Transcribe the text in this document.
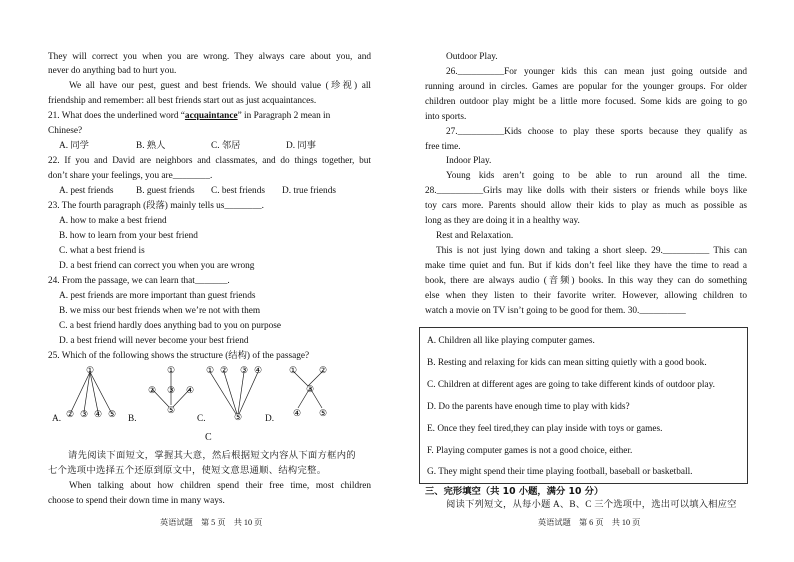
They will correct you when you are wrong. They always care about you, and
never do anything bad to hurt you.
We all have our pest, guest and best friends. We should value (珍视) all
friendship and remember: all best friends start out as just acquaintances.
21. What does the underlined word “acquaintance” in Paragraph 2 mean in
Chinese?
A. 同学	B. 熟人	C. 邻居	D. 同事
22. If you and David are neighbors and classmates, and do things together, but
don’t share your feelings, you are________.
A. pest friends B. guest friends C. best friends D. true friends
23. The fourth paragraph (段落) mainly tells us________.
A. how to make a best friend
B. how to learn from your best friend
C. what a best friend is
D. a best friend can correct you when you are wrong
24. From the passage, we can learn that_______.
A. pest friends are more important than guest friends
B. we miss our best friends when we’re not with them
C. a best friend hardly does anything bad to you on purpose
D. a best friend will never become your best friend
25. Which of the following shows the structure (结构) of the passage?
①
② ③ ④ ⑤
①
② ③ ④
⑤
① ② ③ ④
⑤
① ②
③
④ ⑤
A.	B.	C.	D.
C
请先阅读下面短文，掌握其大意，然后根据短文内容从下面方框内的
七个选项中选择五个还原到原文中，使短文意思通顺、结构完整。
When talking about how children spend their free time, most children
choose to spend their down time in many ways.
英语试题　第 5 页　共 10 页
Outdoor Play.
26.__________For younger kids this can mean just going outside and
running around in circles. Games are popular for the younger groups. For older
children outdoor play might be a little more focused. Some kids are going to go
into sports.
27.__________Kids choose to play these sports because they qualify as
free time.
Indoor Play.
Young kids aren’t going to be able to run around all the time.
28.__________Girls may like dolls with their sisters or friends while boys like
toy cars more. Parents should allow their kids to play as much as possible as
long as they are doing it in a healthy way.
Rest and Relaxation.
This is not just lying down and taking a short sleep. 29.__________ This can
make time quiet and fun. But if kids don’t feel like they have the time to read a
book, there are always audio (音频) books. In this way they can do something
else when they listen to their favorite writer. However, allowing children to
watch a movie on TV isn’t going to be good for them. 30.__________
A. Children all like playing computer games.
B. Resting and relaxing for kids can mean sitting quietly with a good book.
C. Children at different ages are going to take different kinds of outdoor play.
D. Do the parents have enough time to play with kids?
E. Once they feel tired,they can play inside with toys or games.
F. Playing computer games is not a good choice, either.
G. They might spend their time playing football, baseball or basketball.
三、完形填空（共 10 小题，满分 10 分）
阅读下列短文，从每小题 A、B、C 三个选项中，选出可以填入相应空
英语试题　第 6 页　共 10 页
